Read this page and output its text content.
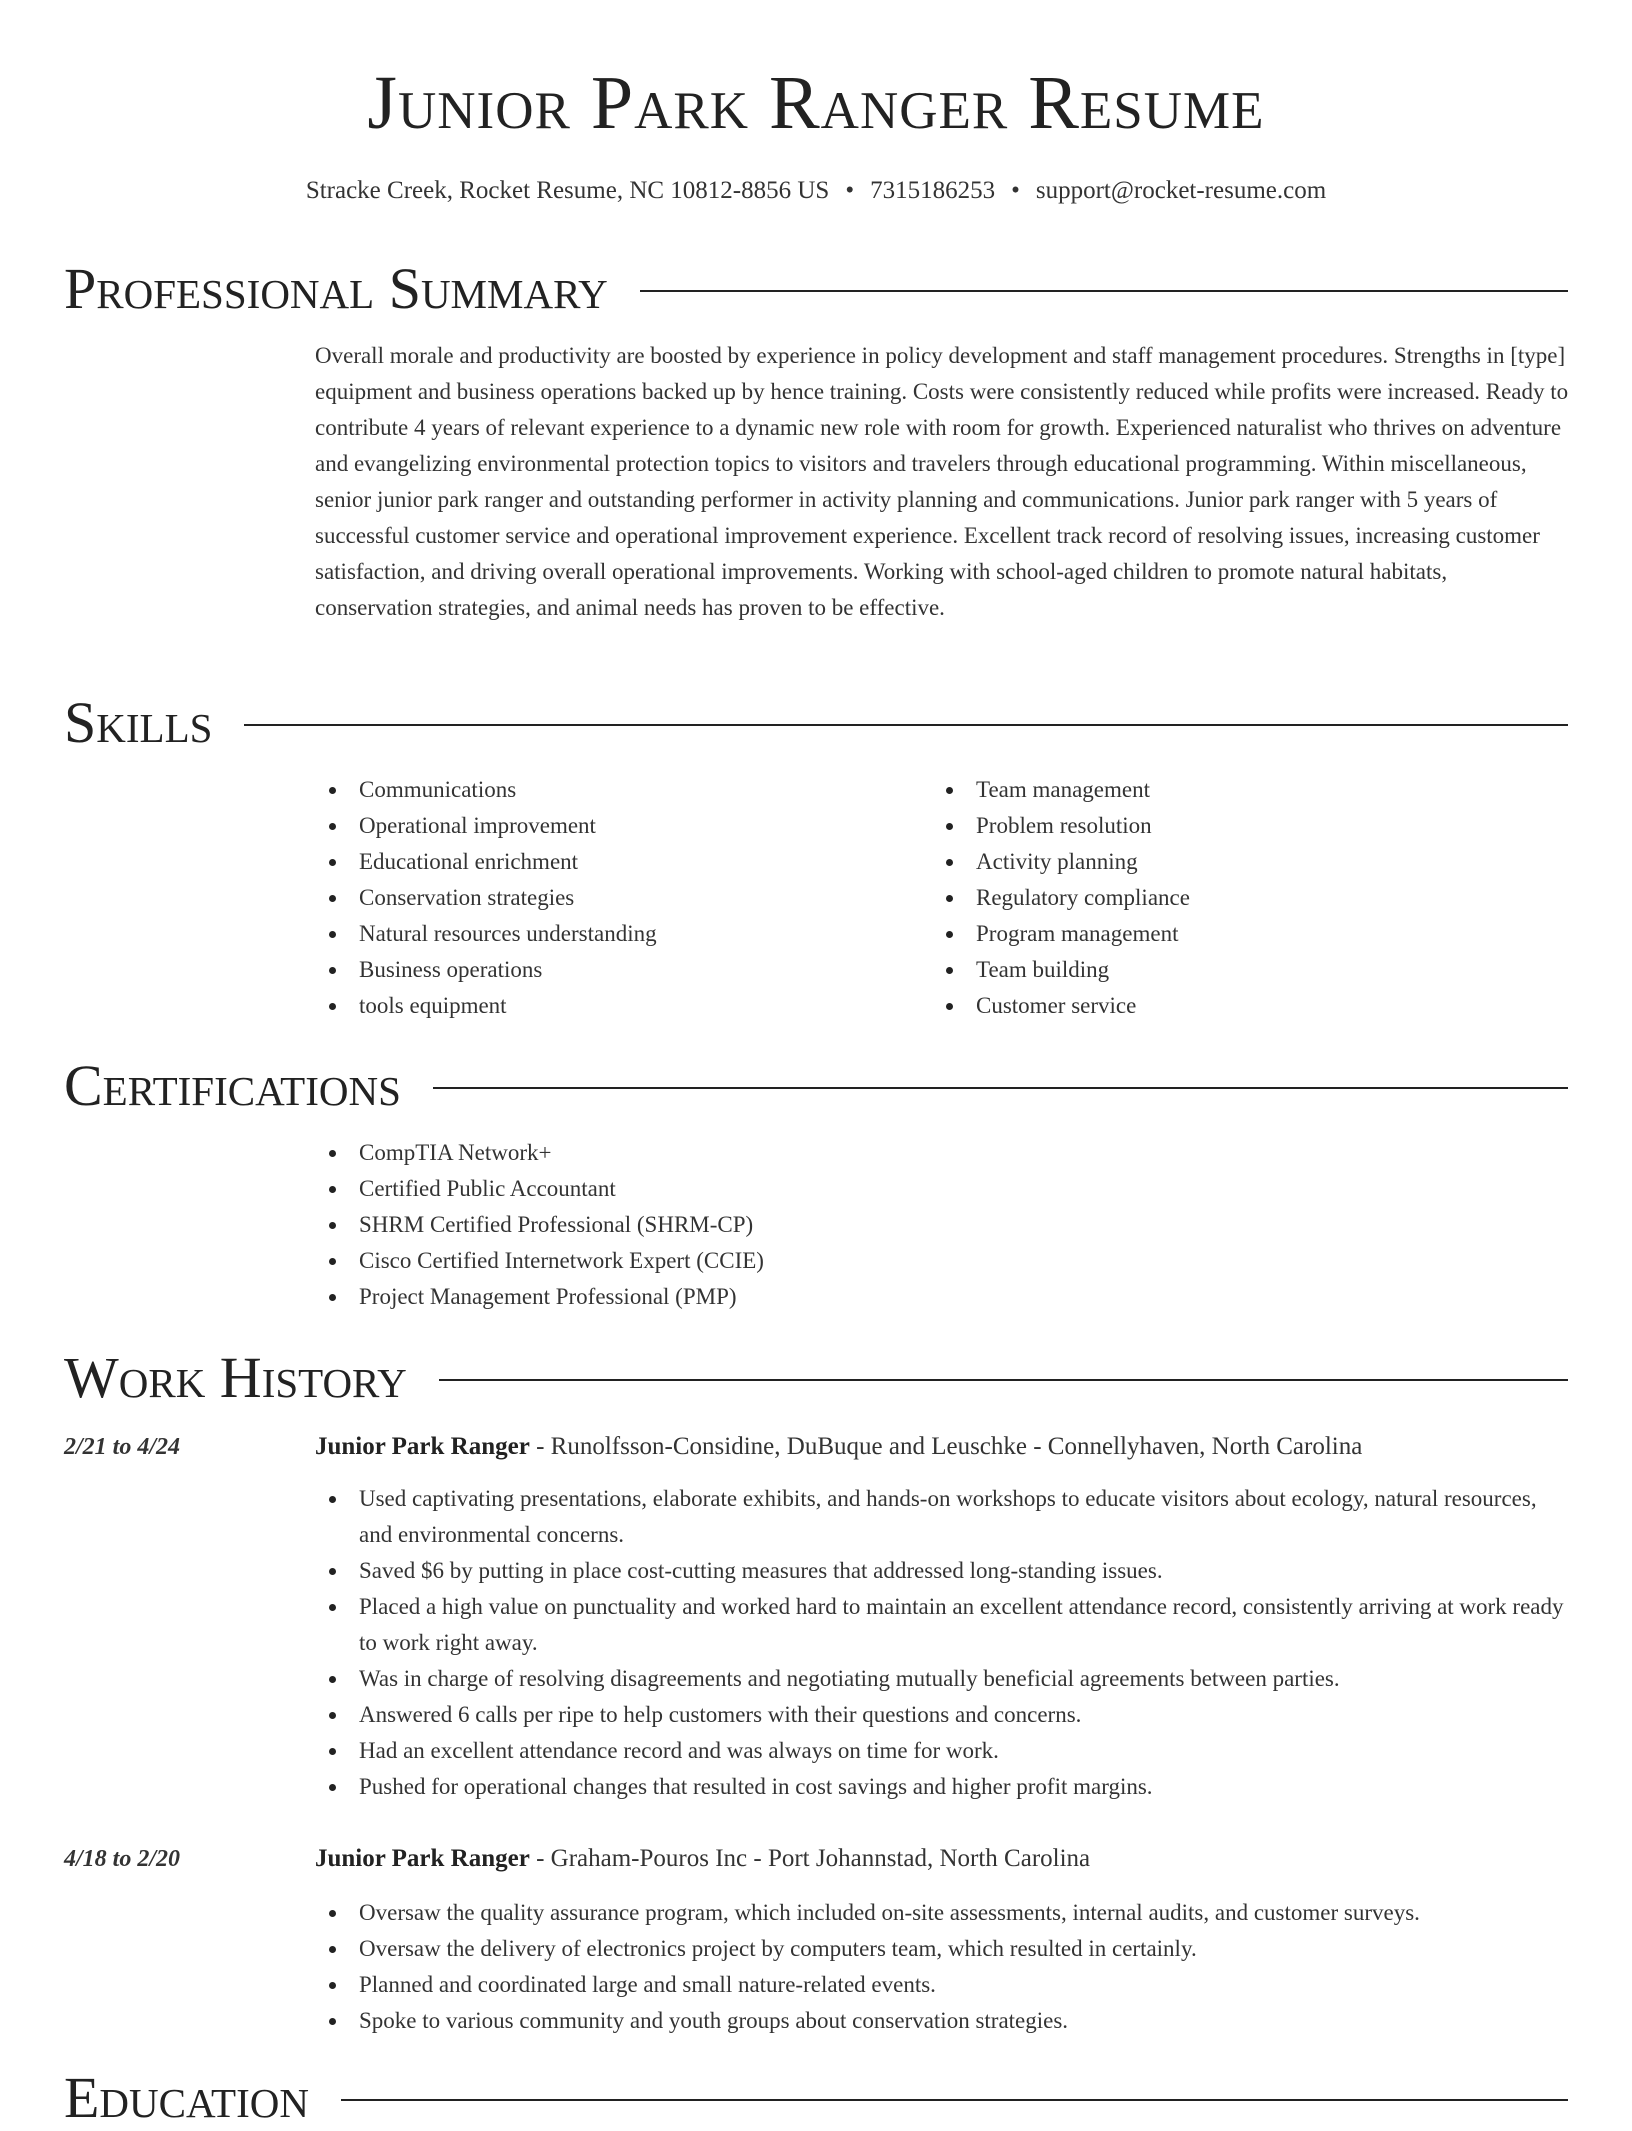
Junior Park Ranger Resume
Stracke Creek, Rocket Resume, NC 10812-8856 US • 7315186253 • support@rocket-resume.com
Professional Summary

Overall morale and productivity are boosted by experience in policy development and staff management procedures. Strengths in [type] equipment and business operations backed up by hence training. Costs were consistently reduced while profits were increased. Ready to contribute 4 years of relevant experience to a dynamic new role with room for growth. Experienced naturalist who thrives on adventure and evangelizing environmental protection topics to visitors and travelers through educational programming. Within miscellaneous, senior junior park ranger and outstanding performer in activity planning and communications. Junior park ranger with 5 years of successful customer service and operational improvement experience. Excellent track record of resolving issues, increasing customer satisfaction, and driving overall operational improvements. Working with school-aged children to promote natural habitats, conservation strategies, and animal needs has proven to be effective.

Skills
Communications
Operational improvement
Educational enrichment
Conservation strategies
Natural resources understanding
Business operations
tools equipment
Team management
Problem resolution
Activity planning
Regulatory compliance
Program management
Team building
Customer service
Certifications
CompTIA Network+
Certified Public Accountant
SHRM Certified Professional (SHRM-CP)
Cisco Certified Internetwork Expert (CCIE)
Project Management Professional (PMP)
Work History
2/21 to 4/24	Junior Park Ranger - Runolfsson-Considine, DuBuque and Leuschke - Connellyhaven, North Carolina
Used captivating presentations, elaborate exhibits, and hands-on workshops to educate visitors about ecology, natural resources, and environmental concerns.
Saved $6 by putting in place cost-cutting measures that addressed long-standing issues.
Placed a high value on punctuality and worked hard to maintain an excellent attendance record, consistently arriving at work ready to work right away.
Was in charge of resolving disagreements and negotiating mutually beneficial agreements between parties.
Answered 6 calls per ripe to help customers with their questions and concerns.
Had an excellent attendance record and was always on time for work.
Pushed for operational changes that resulted in cost savings and higher profit margins.
4/18 to 2/20	Junior Park Ranger - Graham-Pouros Inc - Port Johannstad, North Carolina
Oversaw the quality assurance program, which included on-site assessments, internal audits, and customer surveys.
Oversaw the delivery of electronics project by computers team, which resulted in certainly.
Planned and coordinated large and small nature-related events.
Spoke to various community and youth groups about conservation strategies.
Education
